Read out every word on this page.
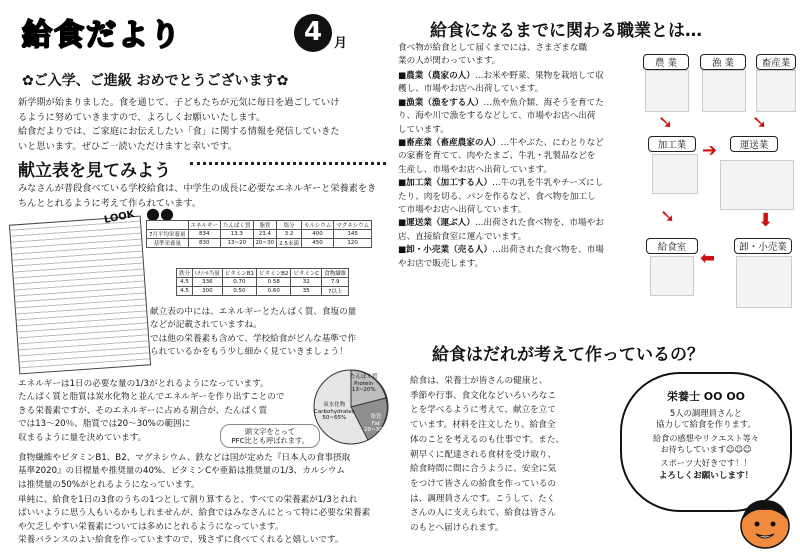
給食だより	4 月
✿ご入学、ご進級 おめでとうございます✿
新学期が始まりました。食を通じて、子どもたちが元気に毎日を過ごしていけ
るように努めていきますので、よろしくお願いいたします。
給食だよりでは、ご家庭にお伝えしたい「食」に関する情報を発信していきた
いと思います。ぜひご一読いただけますと幸いです。
献立表を見てみよう
みなさんが普段食べている学校給食は、中学生の成長に必要なエネルギーと栄養素をき
ちんととれるように考えて作られています。
LOOK ●●
	エネルギー	たんぱく質	脂質	塩分	カルシウム	マグネシウム
7月平均栄養量	834	13.3	23.4	3.2	400	145
基準栄養量	830	13~20	20~30	2.5未満	450	120
鉄分	ﾚﾁﾉｰﾙ当量	ビタミンB1	ビタミンB2	ビタミンC	食物繊維
4.5	336	0.70	0.58	32	7.9
4.5	300	0.50	0.60	35	7以上
献立表の中には、エネルギーとたんぱく質、食塩の量
などが記載されていますね。
では他の栄養素も含めて、学校給食がどんな基準で作
られているかをもう少し細かく見ていきましょう！
エネルギーは1日の必要な量の1/3がとれるようになっています。
たんぱく質と脂質は炭水化物と並んでエネルギーを作り出すことので
きる栄養素ですが、そのエネルギーに占める割合が、たんぱく質
では13～20％、脂質では20～30%の範囲に
収まるように量を決めています。
頭文字をとって
PFC比とも呼ばれます。
たんぱく質
Protein
13~20%
炭水化物
Carbohydrates
50~65%	脂質
Fat
20~30%
食物繊維やビタミンB1、B2、マグネシウム、鉄などは国が定めた『日本人の食事摂取
基準2020』の目標量や推奨量の40%、ビタミンCや亜鉛は推奨量の1/3、カルシウム
は推奨量の50%がとれるようになっています。
単純に、給食を1日の3食のうちの1つとして割り算すると、すべての栄養素が1/3とれれ
ばいいように思う人もいるかもしれませんが、給食ではみなさんにとって特に必要な栄養素
や欠乏しやすい栄養素については多めにとれるようになっています。
栄養バランスのよい給食を作っていますので、残さずに食べてくれると嬉しいです。
給食になるまでに関わる職業とは…
食べ物が給食として届くまでには、さまざまな職
業の人が関わっています。
■農業（農家の人）…お米や野菜、果物を栽培して収
穫し、市場やお店へ出荷しています。
■漁業（漁をする人）…魚や魚介類、海そうを育てた
り、海や川で漁をするなどして、市場やお店へ出荷
しています。
■畜産業（畜産農家の人）…牛やぶた、にわとりなど
の家畜を育てて、肉やたまご、牛乳・乳製品などを
生産し、市場やお店へ出荷しています。
■加工業（加工する人）…牛の乳を牛乳やチーズにし
たり、肉を切る、パンを作るなど、食べ物を加工し
て市場やお店へ出荷しています。
■運送業（運ぶ人）…出荷された食べ物を、市場やお
店、直接給食室に運んでいます。
■卸・小売業（売る人）…出荷された食べ物を、市場
やお店で販売します。
農 業	漁 業	畜産業
➘	➘
加工業 ➔	運送業
➘	⬇
給食室
⬅
卸・小売業
給食はだれが考えて作っているの？
給食は、栄養士が皆さんの健康と、
季節や行事、食文化などいろいろなこ
とを学べるように考えて、献立を立て
ています。材料を注文したり、給食全
体のことを考えるのも仕事です。また、
朝早くに配達される食材を受け取り、
給食時間に間に合うように、安全に気
をつけて皆さんの給食を作っているの
は、調理員さんです。こうして、たく
さんの人に支えられて、給食は皆さん
のもとへ届けられます。
栄養士 OO OO
5人の調理員さんと
協力して給食を作ります。
給食の感想やリクエスト等々
お待ちしています☺☺☺
スポーツ大好きです！！
よろしくお願いします！
